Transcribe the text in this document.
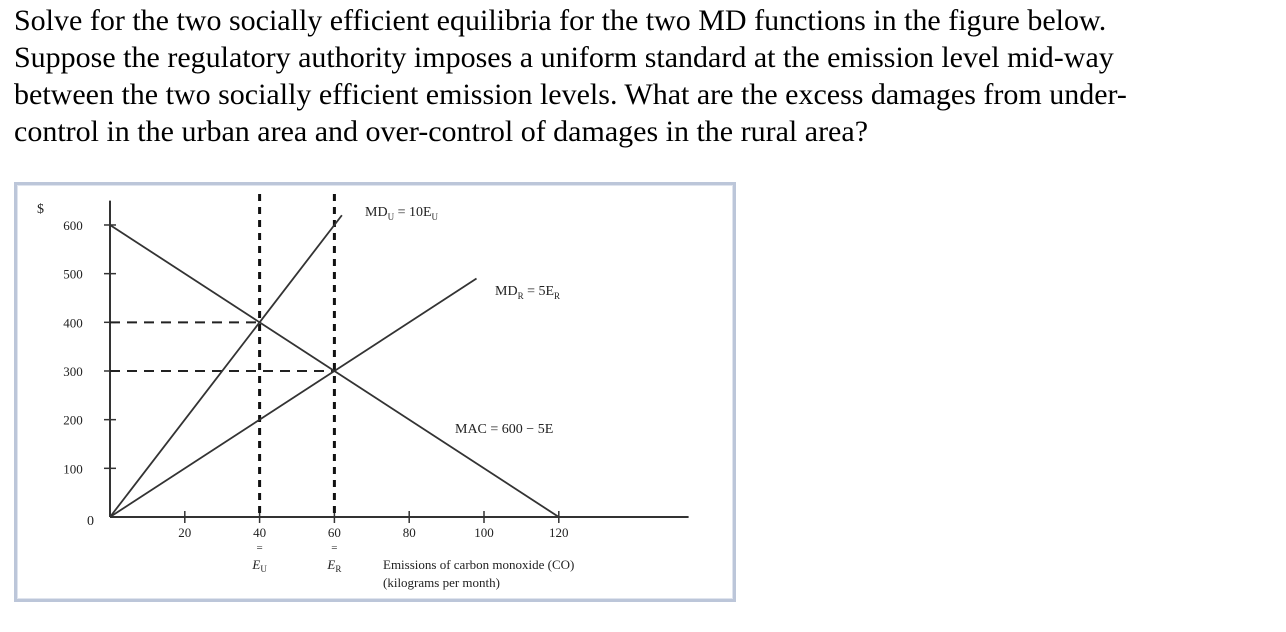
Solve for the two socially efficient equilibria for the two MD functions in the figure below.

Suppose the regulatory authority imposes a uniform standard at the emission level mid-way

between the two socially efficient emission levels. What are the excess damages from under-

control in the urban area and over-control of damages in the rural area?

$
0
100
200
300
400
500
600
20	40	60	80	100	120
$MD_U = 10E_U$
$MD_R = 5E_R$
MAC = 600 − 5E
=
$E_U$
=
$E_R$	Emissions of carbon monoxide (CO)
(kilograms per month)
